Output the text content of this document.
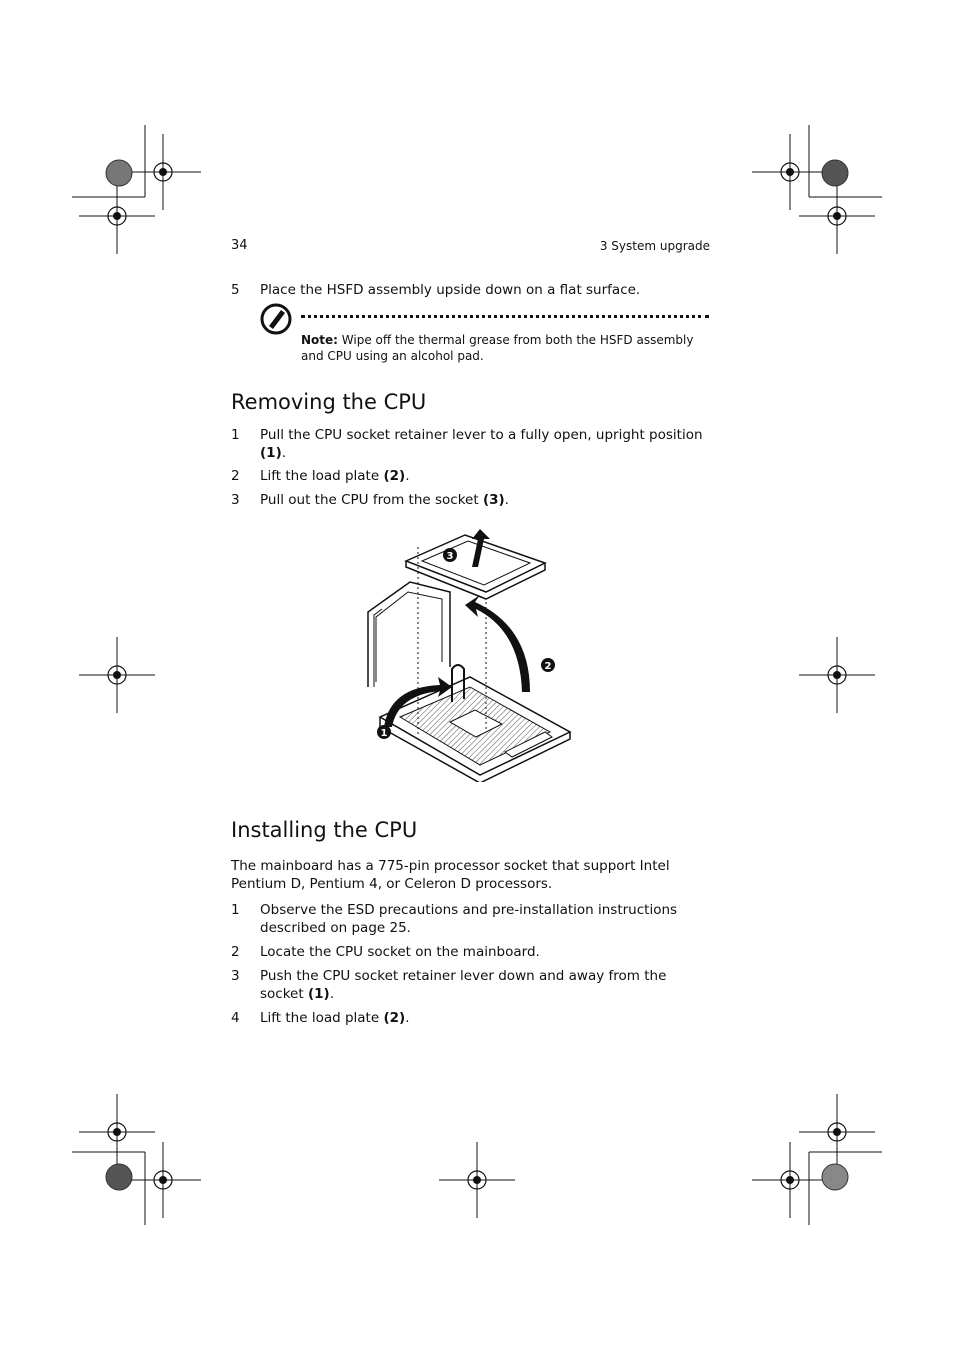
34	3 System upgrade
5 Place the HSFD assembly upside down on a flat surface.
Note: Wipe off the thermal grease from both the HSFD assembly and CPU using an alcohol pad.
Removing the CPU
1 Pull the CPU socket retainer lever to a fully open, upright position (1).
2 Lift the load plate (2).
3 Pull out the CPU from the socket (3).
3
2
1
Installing the CPU
The mainboard has a 775-pin processor socket that support Intel Pentium D, Pentium 4, or Celeron D processors.
1 Observe the ESD precautions and pre-installation instructions described on page 25.
2 Locate the CPU socket on the mainboard.
3 Push the CPU socket retainer lever down and away from the socket (1).
4 Lift the load plate (2).
